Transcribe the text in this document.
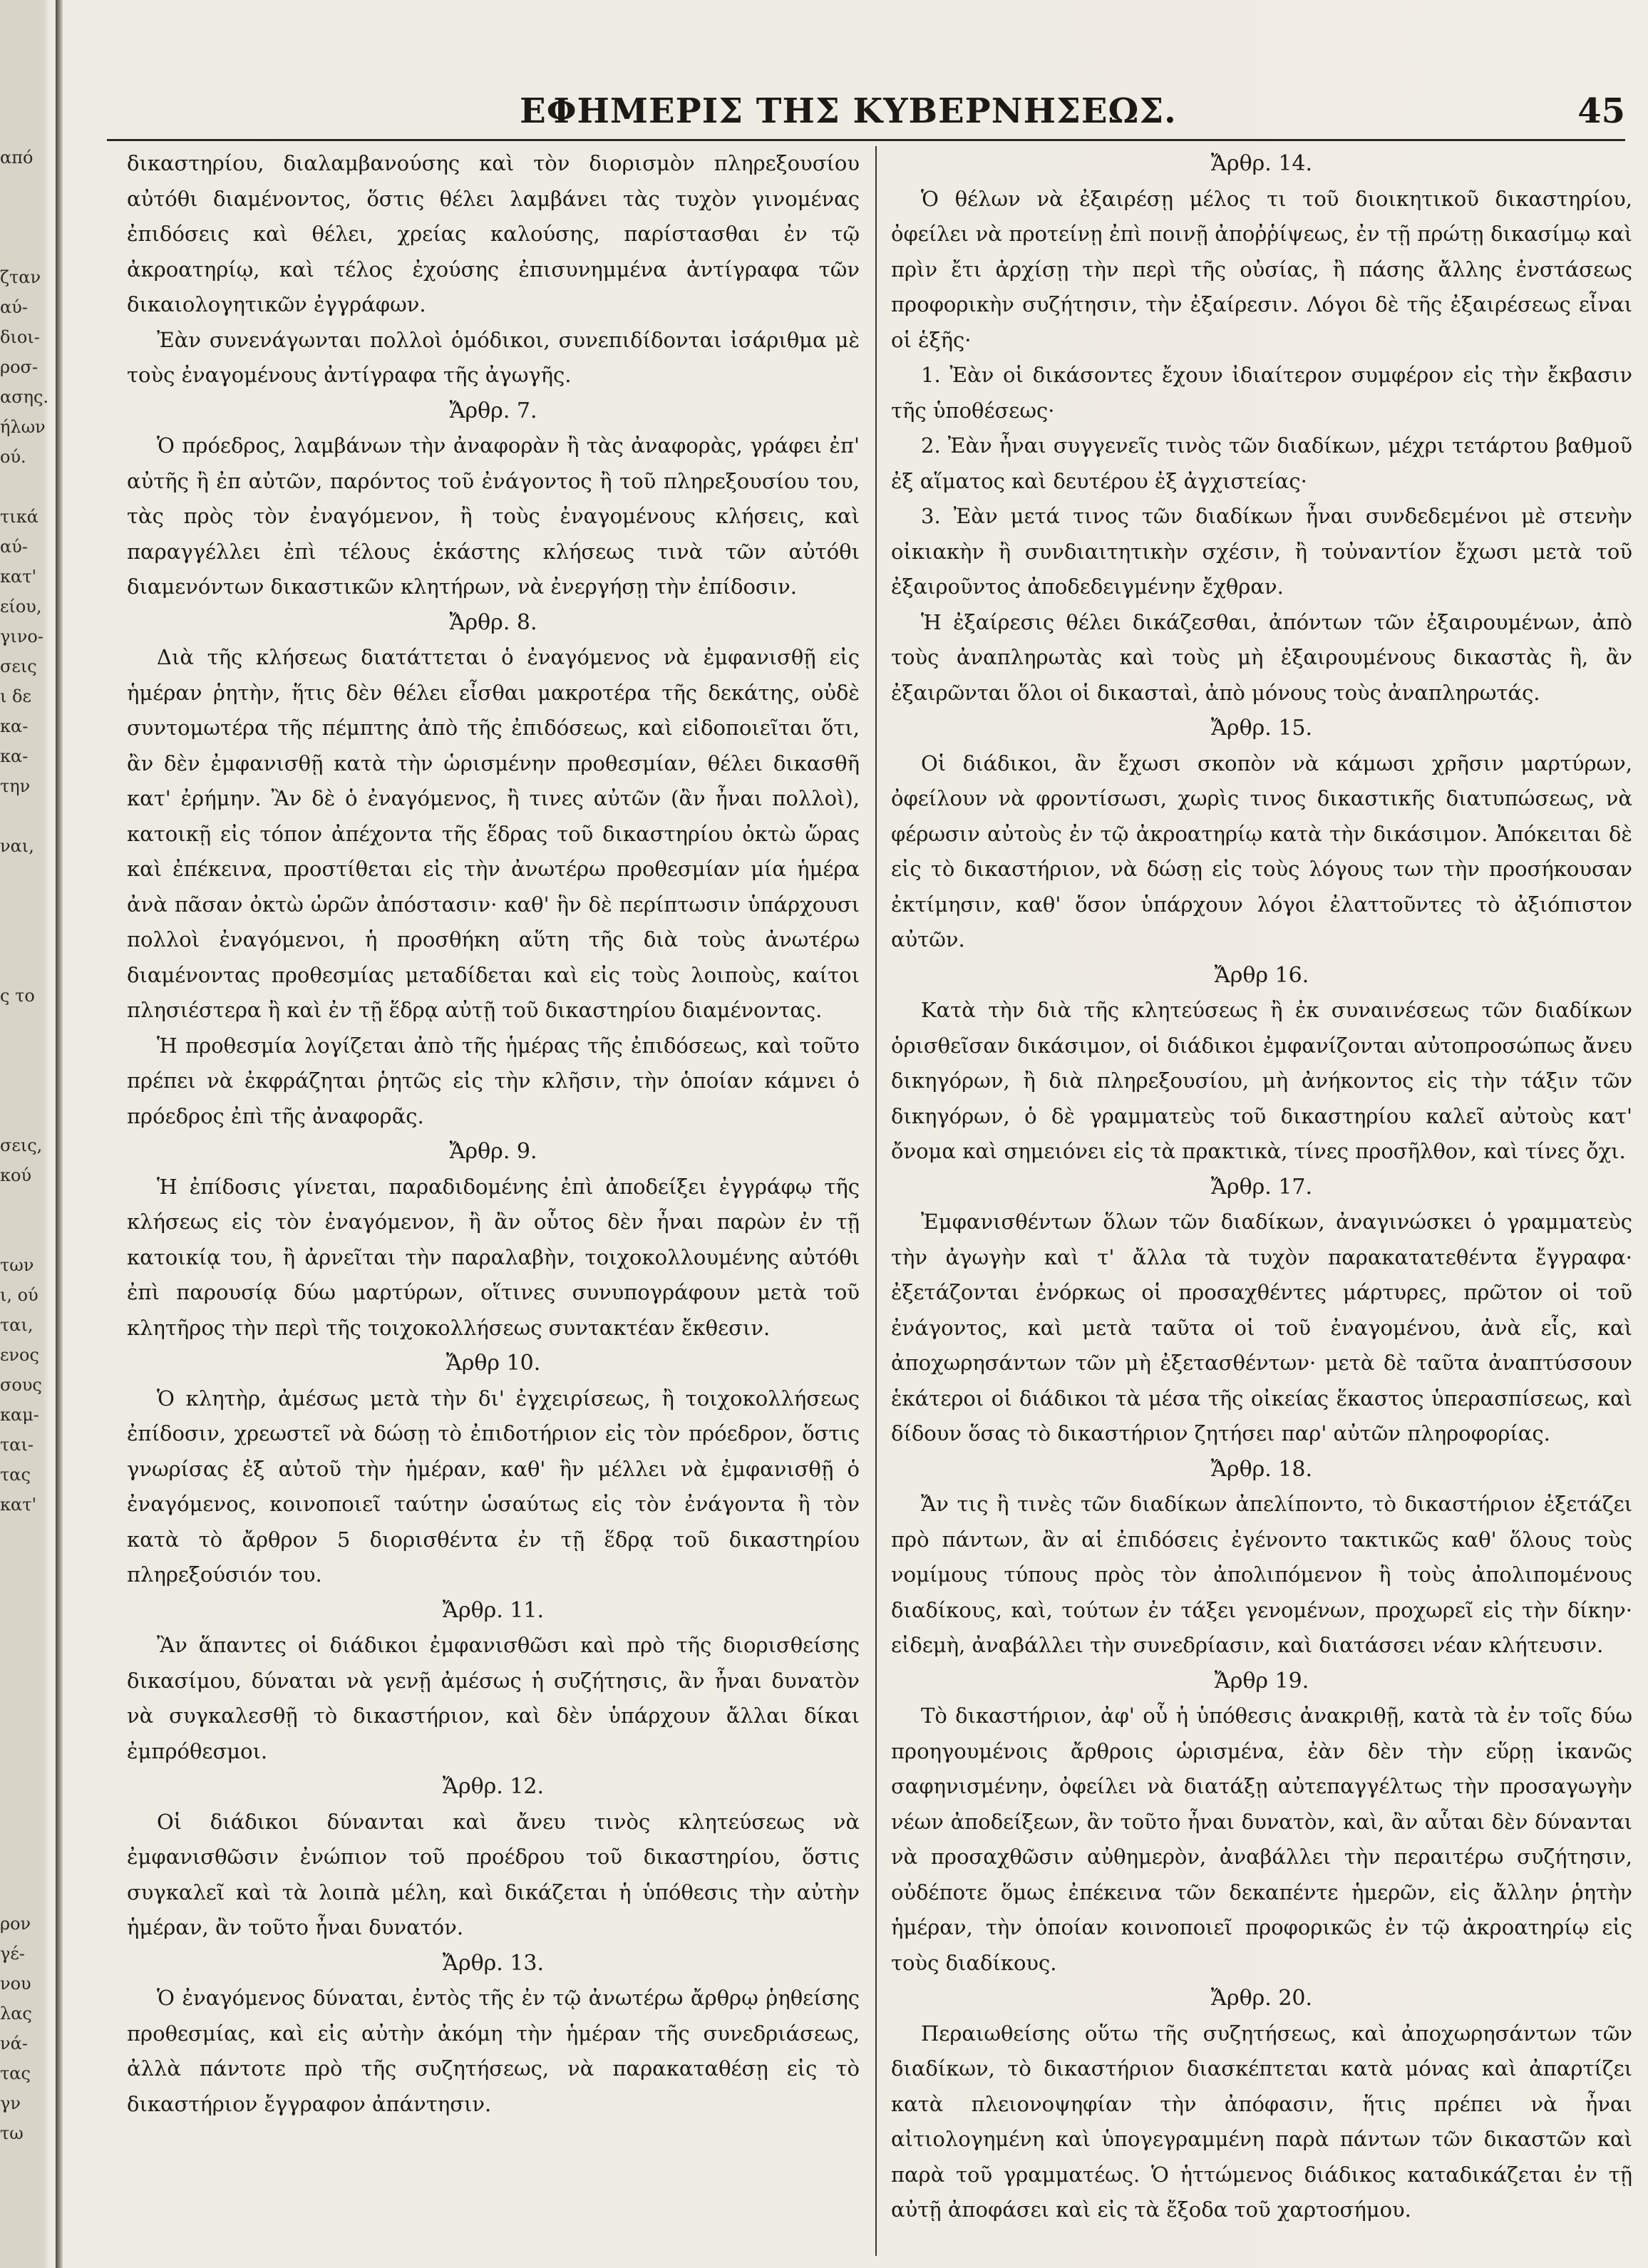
από
ζταν
αύ-
διοι-
ροσ-
ασης.
ήλων
ού.
τικά
αύ-
κατ'
είου,
γινο-
σεις
ι δε
κα-
κα-
την
ναι,
ς το
σεις,
κού
των
ι, ού
ται,
ενος
σους
καμ-
ται-
τας
κατ'
ρον
γέ-
νου
λας
νά-
τας
γν
τω
ΕΦΗΜΕΡΙΣ ΤΗΣ ΚΥΒΕΡΝΗΣΕΩΣ.	45

δικαστηρίου, διαλαμβανούσης καὶ τὸν διορισμὸν πληρεξουσίου αὐτόθι διαμένοντος, ὅστις θέλει λαμβάνει τὰς τυχὸν γινομένας ἐπιδόσεις καὶ θέλει, χρείας καλούσης, παρίστασθαι ἐν τῷ ἀκροατηρίῳ, καὶ τέλος ἐχούσης ἐπισυνημμένα ἀντίγραφα τῶν δικαιολογητικῶν ἐγγράφων.

Ἐὰν συνενάγωνται πολλοὶ ὁμόδικοι, συνεπιδίδονται ἰσάριθμα μὲ τοὺς ἐναγομένους ἀντίγραφα τῆς ἀγωγῆς.

Ἄρθρ. 7.

Ὁ πρόεδρος, λαμβάνων τὴν ἀναφορὰν ἢ τὰς ἀναφορὰς, γράφει ἐπ' αὐτῆς ἢ ἐπ αὐτῶν, παρόντος τοῦ ἐνάγοντος ἢ τοῦ πληρεξουσίου του, τὰς πρὸς τὸν ἐναγόμενον, ἢ τοὺς ἐναγομένους κλήσεις, καὶ παραγγέλλει ἐπὶ τέλους ἑκάστης κλήσεως τινὰ τῶν αὐτόθι διαμενόντων δικαστικῶν κλητήρων, νὰ ἐνεργήσῃ τὴν ἐπίδοσιν.

Ἄρθρ. 8.

Διὰ τῆς κλήσεως διατάττεται ὁ ἐναγόμενος νὰ ἐμφανισθῇ εἰς ἡμέραν ῥητὴν, ἥτις δὲν θέλει εἶσθαι μακροτέρα τῆς δεκάτης, οὐδὲ συντομωτέρα τῆς πέμπτης ἀπὸ τῆς ἐπιδόσεως, καὶ εἰδοποιεῖται ὅτι, ἂν δὲν ἐμφανισθῇ κατὰ τὴν ὡρισμένην προθεσμίαν, θέλει δικασθῆ κατ' ἐρήμην. Ἂν δὲ ὁ ἐναγόμενος, ἢ τινες αὐτῶν (ἂν ἦναι πολλοὶ), κατοικῇ εἰς τόπον ἀπέχοντα τῆς ἕδρας τοῦ δικαστηρίου ὀκτὼ ὥρας καὶ ἐπέκεινα, προστίθεται εἰς τὴν ἀνωτέρω προθεσμίαν μία ἡμέρα ἀνὰ πᾶσαν ὀκτὼ ὡρῶν ἀπόστασιν· καθ' ἣν δὲ περίπτωσιν ὑπάρχουσι πολλοὶ ἐναγόμενοι, ἡ προσθήκη αὕτη τῆς διὰ τοὺς ἀνωτέρω διαμένοντας προθεσμίας μεταδίδεται καὶ εἰς τοὺς λοιποὺς, καίτοι πλησιέστερα ἢ καὶ ἐν τῇ ἕδρᾳ αὐτῇ τοῦ δικαστηρίου διαμένοντας.

Ἡ προθεσμία λογίζεται ἀπὸ τῆς ἡμέρας τῆς ἐπιδόσεως, καὶ τοῦτο πρέπει νὰ ἐκφράζηται ῥητῶς εἰς τὴν κλῆσιν, τὴν ὁποίαν κάμνει ὁ πρόεδρος ἐπὶ τῆς ἀναφορᾶς.

Ἄρθρ. 9.

Ἡ ἐπίδοσις γίνεται, παραδιδομένης ἐπὶ ἀποδείξει ἐγγράφῳ τῆς κλήσεως εἰς τὸν ἐναγόμενον, ἢ ἂν οὗτος δὲν ἦναι παρὼν ἐν τῇ κατοικίᾳ του, ἢ ἀρνεῖται τὴν παραλαβὴν, τοιχοκολλουμένης αὐτόθι ἐπὶ παρουσίᾳ δύω μαρτύρων, οἵτινες συνυπογράφουν μετὰ τοῦ κλητῆρος τὴν περὶ τῆς τοιχοκολλήσεως συντακτέαν ἔκθεσιν.

Ἄρθρ 10.

Ὁ κλητὴρ, ἀμέσως μετὰ τὴν δι' ἐγχειρίσεως, ἢ τοιχοκολλήσεως ἐπίδοσιν, χρεωστεῖ νὰ δώσῃ τὸ ἐπιδοτήριον εἰς τὸν πρόεδρον, ὅστις γνωρίσας ἐξ αὐτοῦ τὴν ἡμέραν, καθ' ἣν μέλλει νὰ ἐμφανισθῇ ὁ ἐναγόμενος, κοινοποιεῖ ταύτην ὡσαύτως εἰς τὸν ἐνάγοντα ἢ τὸν κατὰ τὸ ἄρθρον 5 διορισθέντα ἐν τῇ ἕδρᾳ τοῦ δικαστηρίου πληρεξούσιόν του.

Ἄρθρ. 11.

Ἂν ἅπαντες οἱ διάδικοι ἐμφανισθῶσι καὶ πρὸ τῆς διορισθείσης δικασίμου, δύναται νὰ γενῇ ἀμέσως ἡ συζήτησις, ἂν ἦναι δυνατὸν νὰ συγκαλεσθῇ τὸ δικαστήριον, καὶ δὲν ὑπάρχουν ἄλλαι δίκαι ἐμπρόθεσμοι.

Ἄρθρ. 12.

Οἱ διάδικοι δύνανται καὶ ἄνευ τινὸς κλητεύσεως νὰ ἐμφανισθῶσιν ἐνώπιον τοῦ προέδρου τοῦ δικαστηρίου, ὅστις συγκαλεῖ καὶ τὰ λοιπὰ μέλη, καὶ δικάζεται ἡ ὑπόθεσις τὴν αὐτὴν ἡμέραν, ἂν τοῦτο ἦναι δυνατόν.

Ἄρθρ. 13.

Ὁ ἐναγόμενος δύναται, ἐντὸς τῆς ἐν τῷ ἀνωτέρω ἄρθρῳ ῥηθείσης προθεσμίας, καὶ εἰς αὐτὴν ἀκόμη τὴν ἡμέραν τῆς συνεδριάσεως, ἀλλὰ πάντοτε πρὸ τῆς συζητήσεως, νὰ παρακαταθέσῃ εἰς τὸ δικαστήριον ἔγγραφον ἀπάντησιν.

Ἄρθρ. 14.

Ὁ θέλων νὰ ἐξαιρέσῃ μέλος τι τοῦ διοικητικοῦ δικαστηρίου, ὀφείλει νὰ προτείνῃ ἐπὶ ποινῇ ἀποῤῥίψεως, ἐν τῇ πρώτῃ δικασίμῳ καὶ πρὶν ἔτι ἀρχίσῃ τὴν περὶ τῆς οὐσίας, ἢ πάσης ἄλλης ἐνστάσεως προφορικὴν συζήτησιν, τὴν ἐξαίρεσιν. Λόγοι δὲ τῆς ἐξαιρέσεως εἶναι οἱ ἑξῆς·

1. Ἐὰν οἱ δικάσοντες ἔχουν ἰδιαίτερον συμφέρον εἰς τὴν ἔκβασιν τῆς ὑποθέσεως·

2. Ἐὰν ἦναι συγγενεῖς τινὸς τῶν διαδίκων, μέχρι τετάρτου βαθμοῦ ἐξ αἵματος καὶ δευτέρου ἐξ ἀγχιστείας·

3. Ἐὰν μετά τινος τῶν διαδίκων ἦναι συνδεδεμένοι μὲ στενὴν οἰκιακὴν ἢ συνδιαιτητικὴν σχέσιν, ἢ τοὐναντίον ἔχωσι μετὰ τοῦ ἐξαιροῦντος ἀποδεδειγμένην ἔχθραν.

Ἡ ἐξαίρεσις θέλει δικάζεσθαι, ἀπόντων τῶν ἐξαιρουμένων, ἀπὸ τοὺς ἀναπληρωτὰς καὶ τοὺς μὴ ἐξαιρουμένους δικαστὰς ἢ, ἂν ἐξαιρῶνται ὅλοι οἱ δικασταὶ, ἀπὸ μόνους τοὺς ἀναπληρωτάς.

Ἄρθρ. 15.

Οἱ διάδικοι, ἂν ἔχωσι σκοπὸν νὰ κάμωσι χρῆσιν μαρτύρων, ὀφείλουν νὰ φροντίσωσι, χωρὶς τινος δικαστικῆς διατυπώσεως, νὰ φέρωσιν αὐτοὺς ἐν τῷ ἀκροατηρίῳ κατὰ τὴν δικάσιμον. Ἀπόκειται δὲ εἰς τὸ δικαστήριον, νὰ δώσῃ εἰς τοὺς λόγους των τὴν προσήκουσαν ἐκτίμησιν, καθ' ὅσον ὑπάρχουν λόγοι ἐλαττοῦντες τὸ ἀξιόπιστον αὐτῶν.

Ἄρθρ 16.

Κατὰ τὴν διὰ τῆς κλητεύσεως ἢ ἐκ συναινέσεως τῶν διαδίκων ὁρισθεῖσαν δικάσιμον, οἱ διάδικοι ἐμφανίζονται αὐτοπροσώπως ἄνευ δικηγόρων, ἢ διὰ πληρεξουσίου, μὴ ἀνήκοντος εἰς τὴν τάξιν τῶν δικηγόρων, ὁ δὲ γραμματεὺς τοῦ δικαστηρίου καλεῖ αὐτοὺς κατ' ὄνομα καὶ σημειόνει εἰς τὰ πρακτικὰ, τίνες προσῆλθον, καὶ τίνες ὄχι.

Ἄρθρ. 17.

Ἐμφανισθέντων ὅλων τῶν διαδίκων, ἀναγινώσκει ὁ γραμματεὺς τὴν ἀγωγὴν καὶ τ' ἄλλα τὰ τυχὸν παρακατατεθέντα ἔγγραφα· ἐξετάζονται ἐνόρκως οἱ προσαχθέντες μάρτυρες, πρῶτον οἱ τοῦ ἐνάγοντος, καὶ μετὰ ταῦτα οἱ τοῦ ἐναγομένου, ἀνὰ εἷς, καὶ ἀποχωρησάντων τῶν μὴ ἐξετασθέντων· μετὰ δὲ ταῦτα ἀναπτύσσουν ἑκάτεροι οἱ διάδικοι τὰ μέσα τῆς οἰκείας ἕκαστος ὑπερασπίσεως, καὶ δίδουν ὅσας τὸ δικαστήριον ζητήσει παρ' αὐτῶν πληροφορίας.

Ἄρθρ. 18.

Ἄν τις ἢ τινὲς τῶν διαδίκων ἀπελίποντο, τὸ δικαστήριον ἐξετάζει πρὸ πάντων, ἂν αἱ ἐπιδόσεις ἐγένοντο τακτικῶς καθ' ὅλους τοὺς νομίμους τύπους πρὸς τὸν ἀπολιπόμενον ἢ τοὺς ἀπολιπομένους διαδίκους, καὶ, τούτων ἐν τάξει γενομένων, προχωρεῖ εἰς τὴν δίκην· εἰδεμὴ, ἀναβάλλει τὴν συνεδρίασιν, καὶ διατάσσει νέαν κλήτευσιν.

Ἄρθρ 19.

Τὸ δικαστήριον, ἀφ' οὗ ἡ ὑπόθεσις ἀνακριθῇ, κατὰ τὰ ἐν τοῖς δύω προηγουμένοις ἄρθροις ὡρισμένα, ἐὰν δὲν τὴν εὕρῃ ἱκανῶς σαφηνισμένην, ὀφείλει νὰ διατάξῃ αὐτεπαγγέλτως τὴν προσαγωγὴν νέων ἀποδείξεων, ἂν τοῦτο ἦναι δυνατὸν, καὶ, ἂν αὗται δὲν δύνανται νὰ προσαχθῶσιν αὐθημερὸν, ἀναβάλλει τὴν περαιτέρω συζήτησιν, οὐδέποτε ὅμως ἐπέκεινα τῶν δεκαπέντε ἡμερῶν, εἰς ἄλλην ῥητὴν ἡμέραν, τὴν ὁποίαν κοινοποιεῖ προφορικῶς ἐν τῷ ἀκροατηρίῳ εἰς τοὺς διαδίκους.

Ἄρθρ. 20.

Περαιωθείσης οὕτω τῆς συζητήσεως, καὶ ἀποχωρησάντων τῶν διαδίκων, τὸ δικαστήριον διασκέπτεται κατὰ μόνας καὶ ἀπαρτίζει κατὰ πλειονοψηφίαν τὴν ἀπόφασιν, ἥτις πρέπει νὰ ἦναι αἰτιολογημένη καὶ ὑπογεγραμμένη παρὰ πάντων τῶν δικαστῶν καὶ παρὰ τοῦ γραμματέως. Ὁ ἡττώμενος διάδικος καταδικάζεται ἐν τῇ αὐτῇ ἀποφάσει καὶ εἰς τὰ ἔξοδα τοῦ χαρτοσήμου.
